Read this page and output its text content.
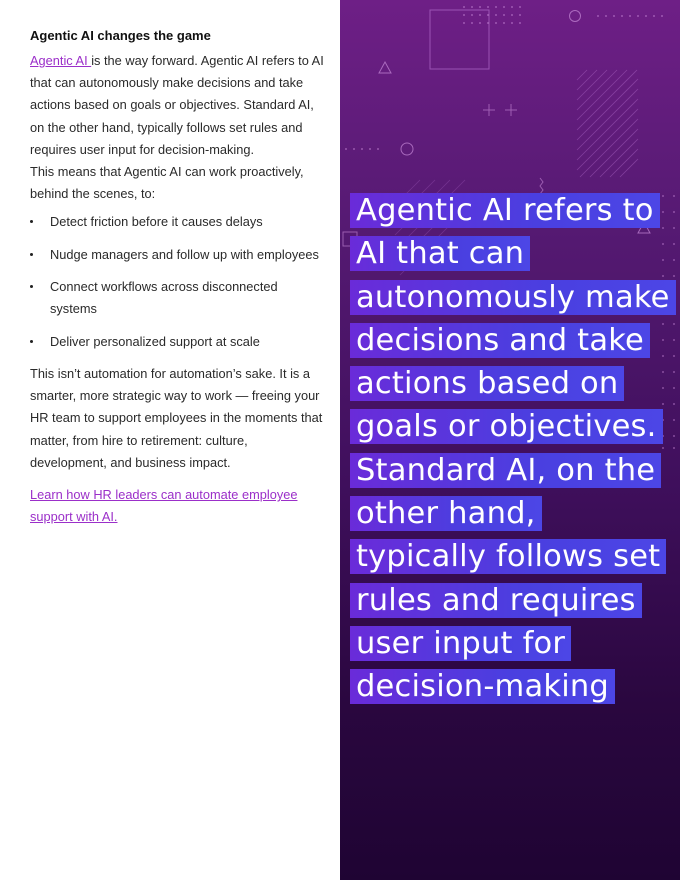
Agentic AI changes the game

Agentic AI is the way forward. Agentic AI refers to AI that can autonomously make decisions and take actions based on goals or objectives. Standard AI, on the other hand, typically follows set rules and requires user input for decision-making.

This means that Agentic AI can work proactively, behind the scenes, to:

Detect friction before it causes delays
Nudge managers and follow up with employees
Connect workflows across disconnected systems
Deliver personalized support at scale

This isn’t automation for automation’s sake. It is a smarter, more strategic way to work — freeing your HR team to support employees in the moments that matter, from hire to retirement: culture, development, and business impact.

Learn how HR leaders can automate employee support with AI.
Agentic AI refers to AI that can autonomously make decisions and take actions based on goals or objectives. Standard AI, on the other hand, typically follows set rules and requires user input for decision-making
